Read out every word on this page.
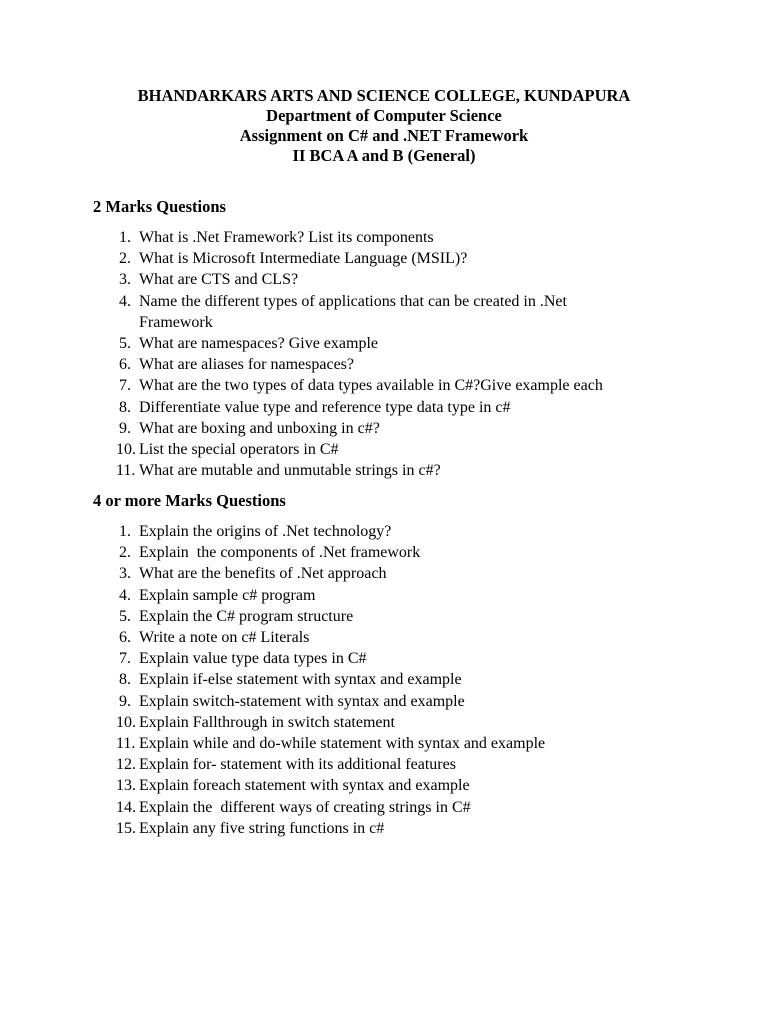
BHANDARKARS ARTS AND SCIENCE COLLEGE, KUNDAPURA
Department of Computer Science
Assignment on C# and .NET Framework
II BCA A and B (General)
2 Marks Questions
1. What is .Net Framework? List its components
2. What is Microsoft Intermediate Language (MSIL)?
3. What are CTS and CLS?
4. Name the different types of applications that can be created in .Net Framework
5. What are namespaces? Give example
6. What are aliases for namespaces?
7. What are the two types of data types available in C#?Give example each
8. Differentiate value type and reference type data type in c#
9. What are boxing and unboxing in c#?
10. List the special operators in C#
11. What are mutable and unmutable strings in c#?
4 or more Marks Questions
1. Explain the origins of .Net technology?
2. Explain  the components of .Net framework
3. What are the benefits of .Net approach
4. Explain sample c# program
5. Explain the C# program structure
6. Write a note on c# Literals
7. Explain value type data types in C#
8. Explain if-else statement with syntax and example
9. Explain switch-statement with syntax and example
10. Explain Fallthrough in switch statement
11. Explain while and do-while statement with syntax and example
12. Explain for- statement with its additional features
13. Explain foreach statement with syntax and example
14. Explain the  different ways of creating strings in C#
15. Explain any five string functions in c#
